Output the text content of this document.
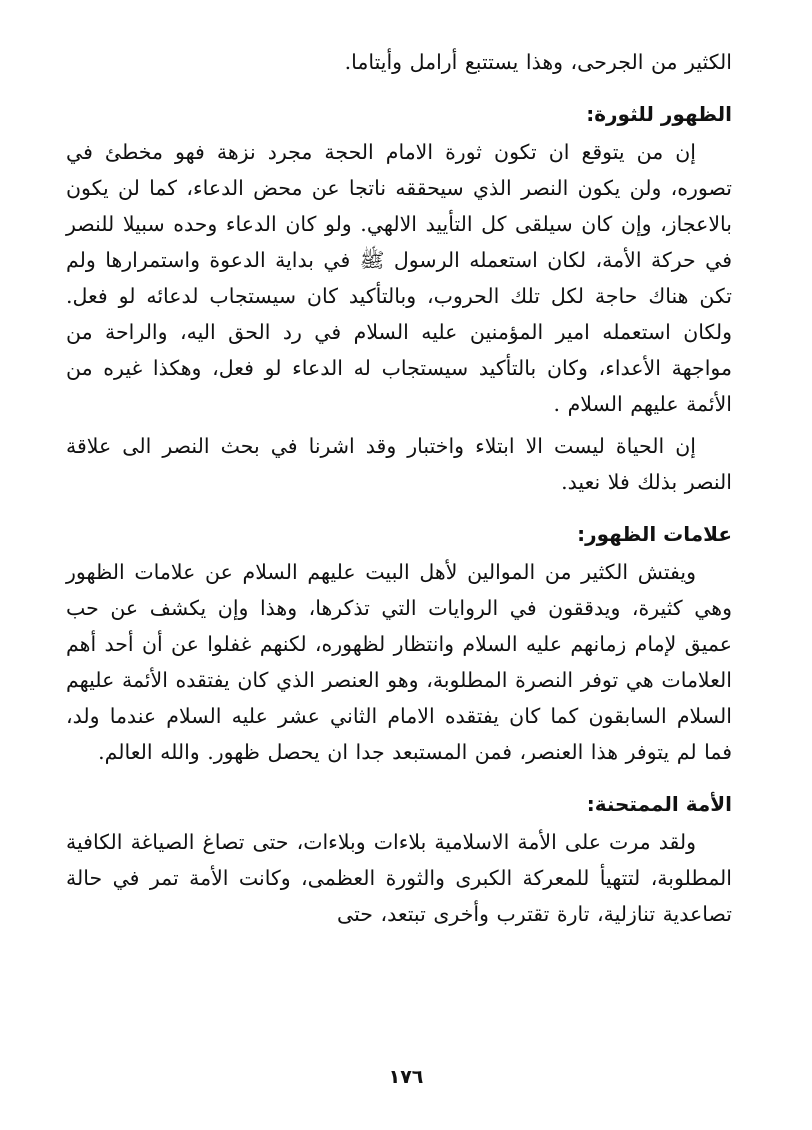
الكثير من الجرحى، وهذا يستتبع أرامل وأيتاما.

الظهور للثورة:

إن من يتوقع ان تكون ثورة الامام الحجة مجرد نزهة فهو مخطئ في تصوره، ولن يكون النصر الذي سيحققه ناتجا عن محض الدعاء، كما لن يكون بالاعجاز، وإن كان سيلقى كل التأييد الالهي. ولو كان الدعاء وحده سبيلا للنصر في حركة الأمة، لكان استعمله الرسول ﷺ في بداية الدعوة واستمرارها ولم تكن هناك حاجة لكل تلك الحروب، وبالتأكيد كان سيستجاب لدعائه لو فعل. ولكان استعمله امير المؤمنين عليه السلام في رد الحق اليه، والراحة من مواجهة الأعداء، وكان بالتأكيد سيستجاب له الدعاء لو فعل، وهكذا غيره من الأئمة عليهم السلام .

إن الحياة ليست الا ابتلاء واختبار وقد اشرنا في بحث النصر الى علاقة النصر بذلك فلا نعيد.

علامات الظهور:

ويفتش الكثير من الموالين لأهل البيت عليهم السلام عن علامات الظهور وهي كثيرة، ويدققون في الروايات التي تذكرها، وهذا وإن يكشف عن حب عميق لإمام زمانهم عليه السلام وانتظار لظهوره، لكنهم غفلوا عن أن أحد أهم العلامات هي توفر النصرة المطلوبة، وهو العنصر الذي كان يفتقده الأئمة عليهم السلام السابقون كما كان يفتقده الامام الثاني عشر عليه السلام عندما ولد، فما لم يتوفر هذا العنصر، فمن المستبعد جدا ان يحصل ظهور. والله العالم.

الأمة الممتحنة:

ولقد مرت على الأمة الاسلامية بلاءات وبلاءات، حتى تصاغ الصياغة الكافية المطلوبة، لتتهيأ للمعركة الكبرى والثورة العظمى، وكانت الأمة تمر في حالة تصاعدية تنازلية، تارة تقترب وأخرى تبتعد، حتى

١٧٦
